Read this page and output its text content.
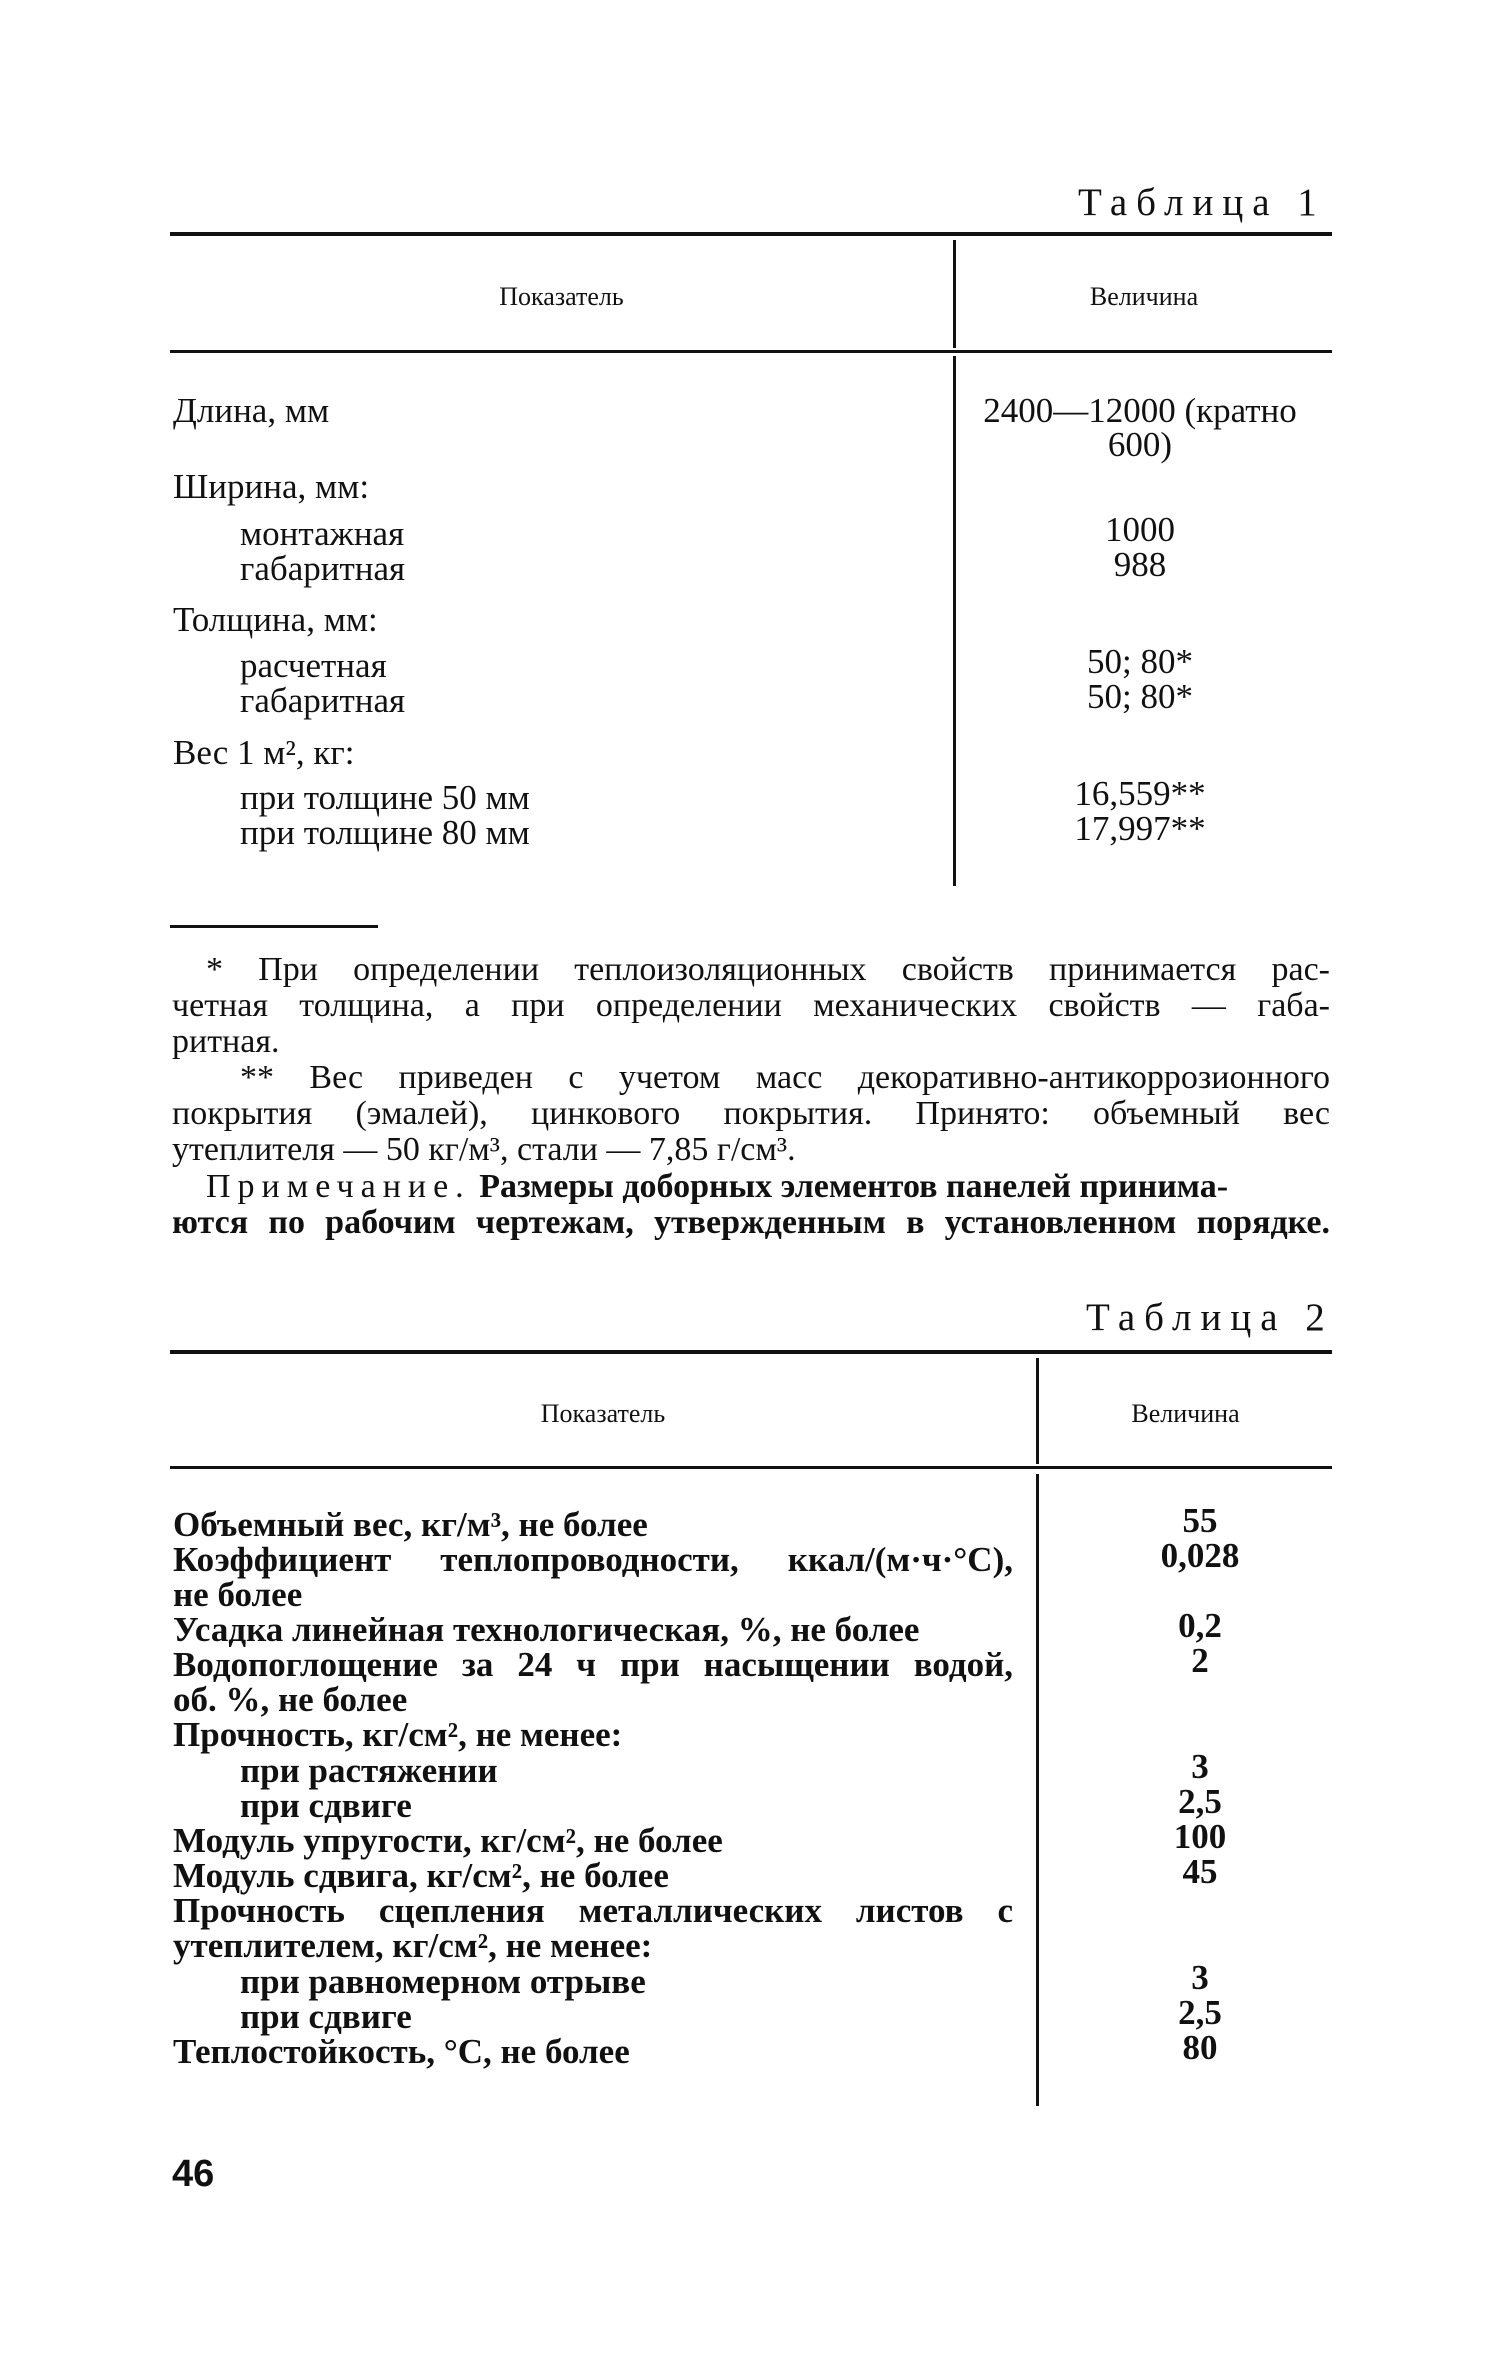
Таблица 1
Показатель	Величина
Длина, мм	2400—12000 (кратно
600)
Ширина, мм:
монтажная	1000
габаритная	988
Толщина, мм:
расчетная	50; 80*
габаритная	50; 80*
Вес 1 м², кг:
при толщине 50 мм	16,559**
при толщине 80 мм	17,997**
* При определении теплоизоляционных свойств принимается рас-
четная толщина, а при определении механических свойств — габа-
ритная.
** Вес приведен с учетом масс декоративно-антикоррозионного
покрытия (эмалей), цинкового покрытия. Принято: объемный вес
утеплителя — 50 кг/м³, стали — 7,85 г/см³.
Примечание. Размеры доборных элементов панелей принима-
ются по рабочим чертежам, утвержденным в установленном порядке.
Таблица 2
Показатель	Величина
Объемный вес, кг/м³, не более	55
Коэффициент теплопроводности, ккал/(м·ч·°С),	0,028
не более
Усадка линейная технологическая, %, не более	0,2
Водопоглощение за 24 ч при насыщении водой,	2
об. %, не более
Прочность, кг/см², не менее:
при растяжении	3
при сдвиге	2,5
Модуль упругости, кг/см², не более	100
Модуль сдвига, кг/см², не более	45
Прочность сцепления металлических листов с
утеплителем, кг/см², не менее:
при равномерном отрыве	3
при сдвиге	2,5
Теплостойкость, °С, не более	80
46
